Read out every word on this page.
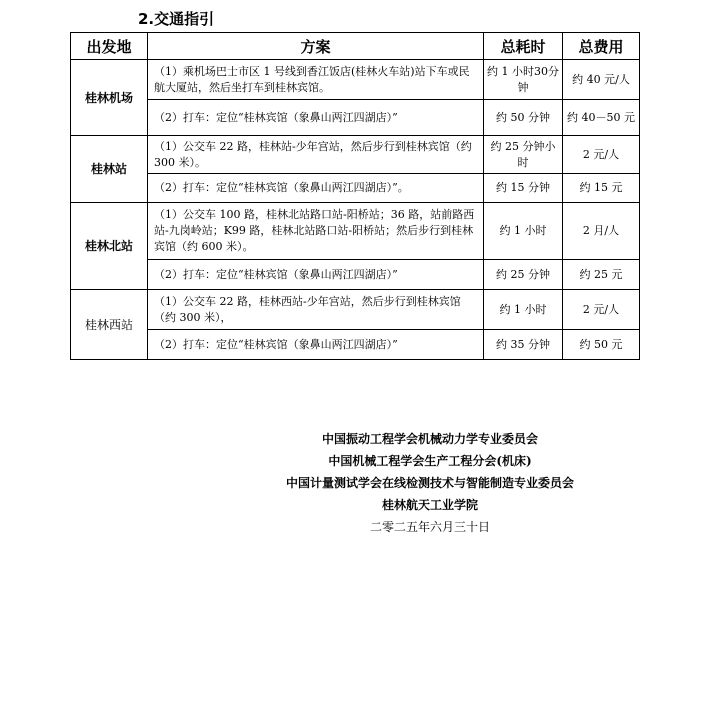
2.交通指引
出发地	方案	总耗时	总费用
桂林机场	（1）乘机场巴士市区 1 号线到香江饭店(桂林火车站)站下车或民航大厦站，然后坐打车到桂林宾馆。	约 1 小时30分钟	约 40 元/人
	（2）打车：定位“桂林宾馆（象鼻山两江四湖店）”	约 50 分钟	约 40－50 元
桂林站	（1）公交车 22 路，桂林站-少年宫站，然后步行到桂林宾馆（约 300 米）。	约 25 分钟小时	2 元/人
	（2）打车：定位“桂林宾馆（象鼻山两江四湖店）”。	约 15 分钟	约 15 元
桂林北站	（1）公交车 100 路，桂林北站路口站-阳桥站；36 路，站前路西站-九岗岭站；K99 路，桂林北站路口站-阳桥站；然后步行到桂林宾馆（约 600 米）。	约 1 小时	2 月/人
	（2）打车：定位“桂林宾馆（象鼻山两江四湖店）”	约 25 分钟	约 25 元
桂林西站	（1）公交车 22 路，桂林西站-少年宫站，然后步行到桂林宾馆（约 300 米），	约 1 小时	2 元/人
	（2）打车：定位“桂林宾馆（象鼻山两江四湖店）”	约 35 分钟	约 50 元
中国振动工程学会机械动力学专业委员会
中国机械工程学会生产工程分会(机床)
中国计量测试学会在线检测技术与智能制造专业委员会
桂林航天工业学院
二零二五年六月三十日
